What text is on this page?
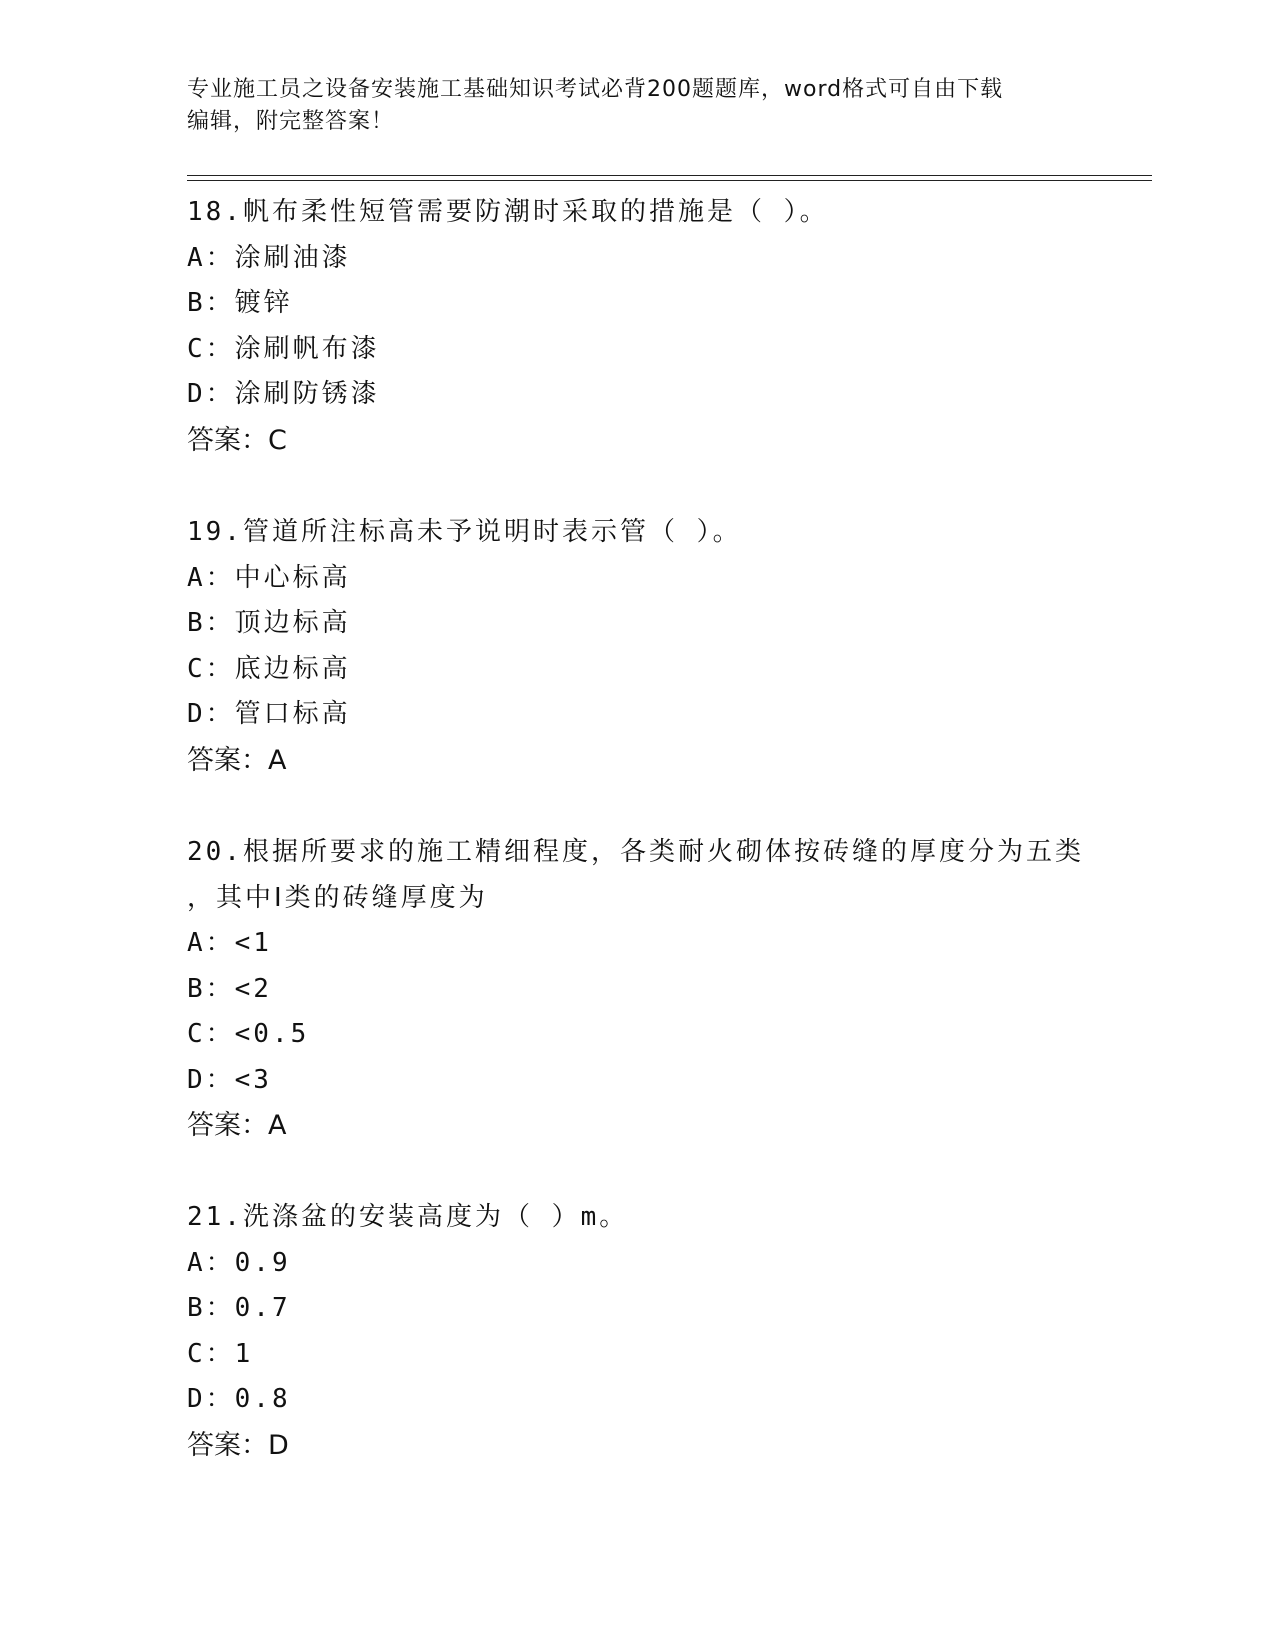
专业施工员之设备安装施工基础知识考试必背200题题库，word格式可自由下载
编辑，附完整答案！

18.帆布柔性短管需要防潮时采取的措施是（ ）。

A：涂刷油漆

B：镀锌

C：涂刷帆布漆

D：涂刷防锈漆

答案：C

19.管道所注标高未予说明时表示管（ ）。

A：中心标高

B：顶边标高

C：底边标高

D：管口标高

答案：A

20.根据所要求的施工精细程度，各类耐火砌体按砖缝的厚度分为五类

，其中Ⅰ类的砖缝厚度为

A：<1

B：<2

C：<0.5

D：<3

答案：A

21.洗涤盆的安装高度为（ ）m。

A：0.9

B：0.7

C：1

D：0.8

答案：D
